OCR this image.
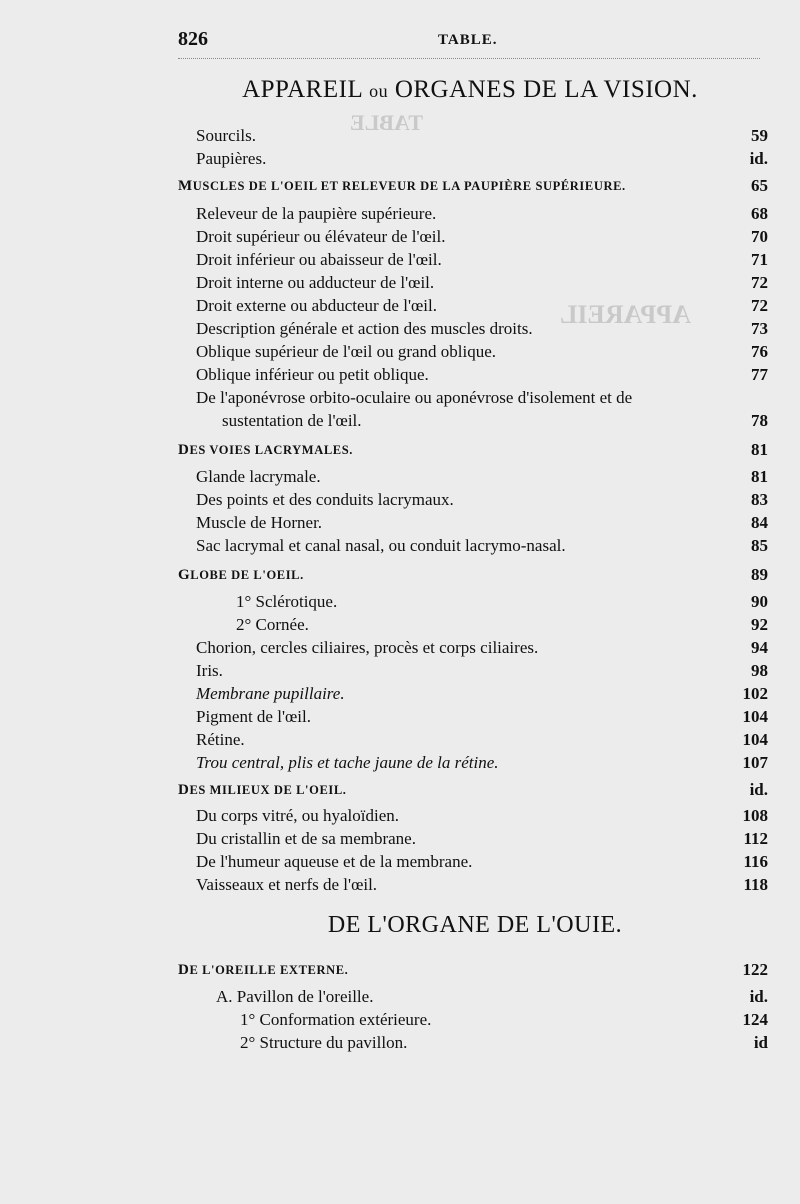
TABLE
APPAREIL
826	TABLE.
APPAREIL ou ORGANES DE LA VISION.
Sourcils.	59
Paupières.	id.
MUSCLES DE L'OEIL ET RELEVEUR DE LA PAUPIÈRE SUPÉRIEURE.	65
Releveur de la paupière supérieure.	68
Droit supérieur ou élévateur de l'œil.	70
Droit inférieur ou abaisseur de l'œil.	71
Droit interne ou adducteur de l'œil.	72
Droit externe ou abducteur de l'œil.	72
Description générale et action des muscles droits.	73
Oblique supérieur de l'œil ou grand oblique.	76
Oblique inférieur ou petit oblique.	77
De l'aponévrose orbito-oculaire ou aponévrose d'isolement et de
sustentation de l'œil.	78
DES VOIES LACRYMALES.	81
Glande lacrymale.	81
Des points et des conduits lacrymaux.	83
Muscle de Horner.	84
Sac lacrymal et canal nasal, ou conduit lacrymo-nasal.	85
GLOBE DE L'OEIL.	89
1° Sclérotique.	90
2° Cornée.	92
Chorion, cercles ciliaires, procès et corps ciliaires.	94
Iris.	98
Membrane pupillaire.	102
Pigment de l'œil.	104
Rétine.	104
Trou central, plis et tache jaune de la rétine.	107
DES MILIEUX DE L'OEIL.	id.
Du corps vitré, ou hyaloïdien.	108
Du cristallin et de sa membrane.	112
De l'humeur aqueuse et de la membrane.	116
Vaisseaux et nerfs de l'œil.	118
DE L'ORGANE DE L'OUIE.
DE L'OREILLE EXTERNE.	122
A. Pavillon de l'oreille.	id.
1° Conformation extérieure.	124
2° Structure du pavillon.	id
